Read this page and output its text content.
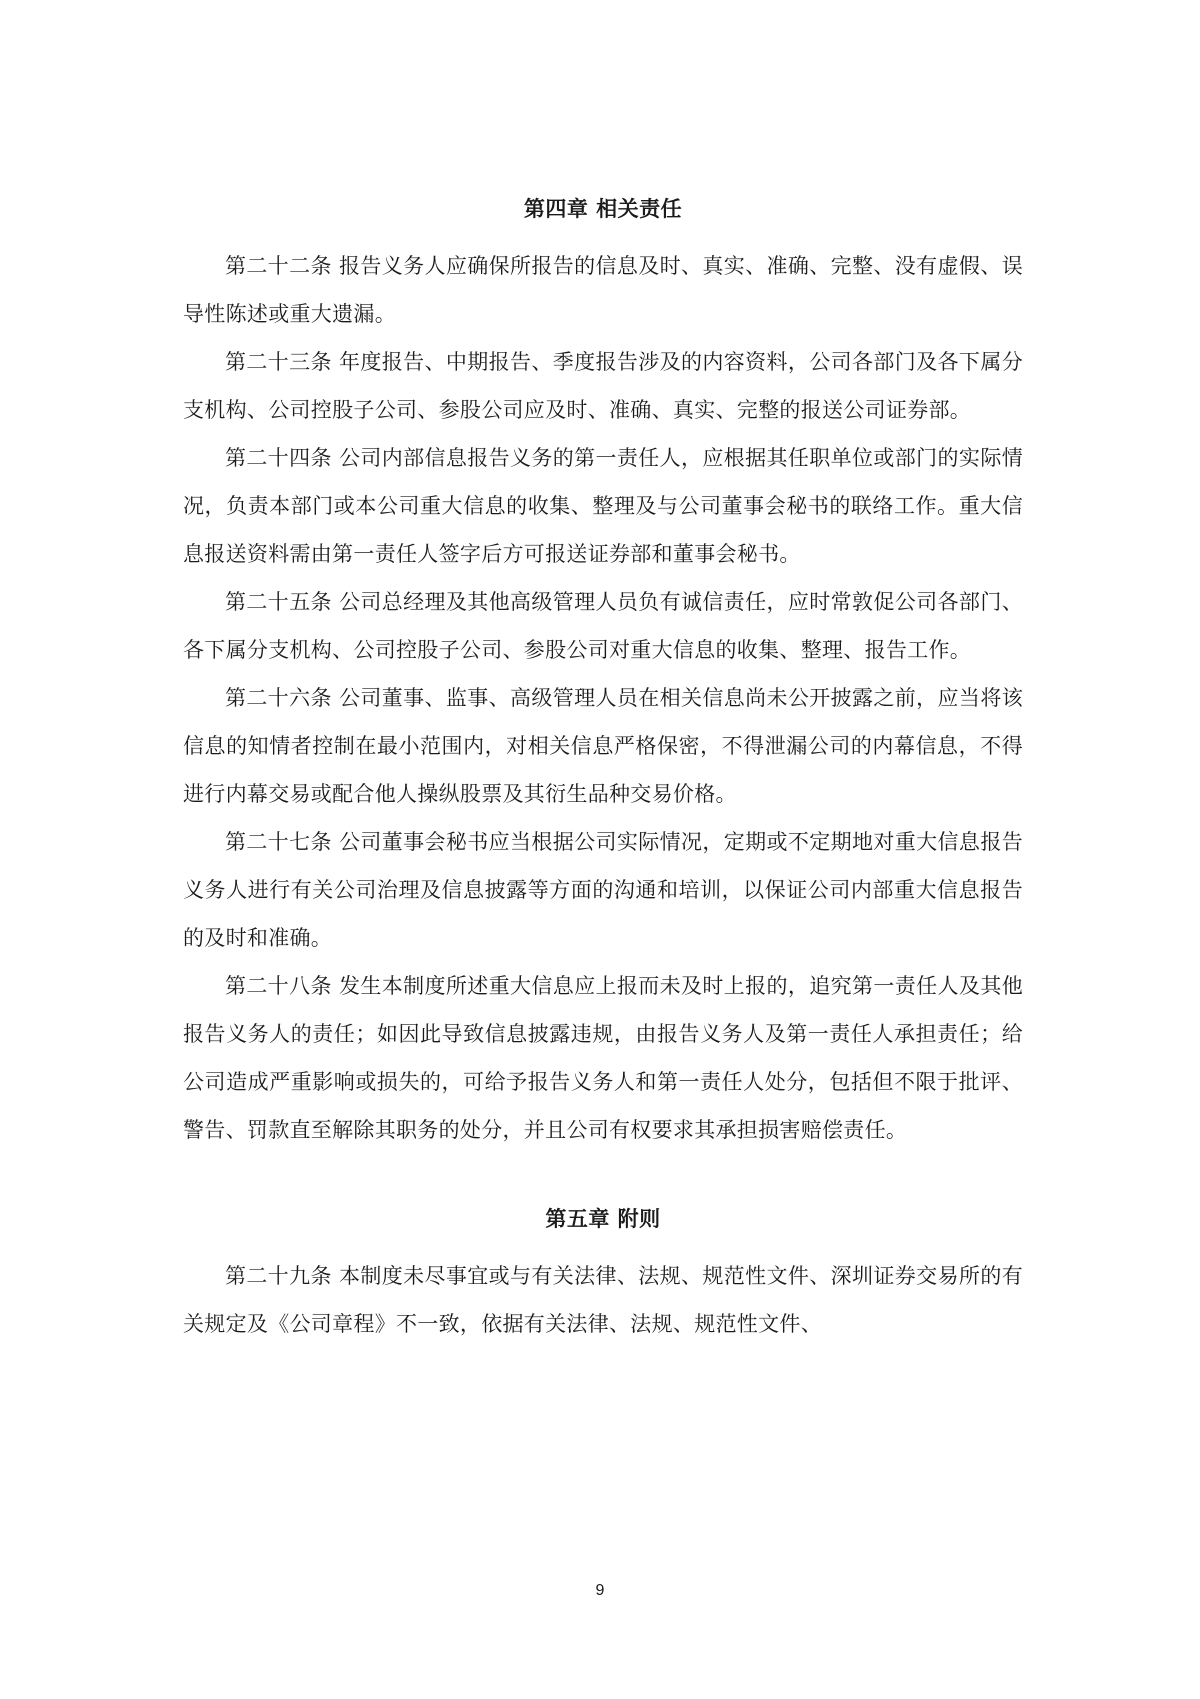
第四章 相关责任

第二十二条 报告义务人应确保所报告的信息及时、真实、准确、完整、没有虚假、误导性陈述或重大遗漏。

第二十三条 年度报告、中期报告、季度报告涉及的内容资料，公司各部门及各下属分支机构、公司控股子公司、参股公司应及时、准确、真实、完整的报送公司证券部。

第二十四条 公司内部信息报告义务的第一责任人，应根据其任职单位或部门的实际情况，负责本部门或本公司重大信息的收集、整理及与公司董事会秘书的联络工作。重大信息报送资料需由第一责任人签字后方可报送证券部和董事会秘书。

第二十五条 公司总经理及其他高级管理人员负有诚信责任，应时常敦促公司各部门、各下属分支机构、公司控股子公司、参股公司对重大信息的收集、整理、报告工作。

第二十六条 公司董事、监事、高级管理人员在相关信息尚未公开披露之前，应当将该信息的知情者控制在最小范围内，对相关信息严格保密，不得泄漏公司的内幕信息，不得进行内幕交易或配合他人操纵股票及其衍生品种交易价格。

第二十七条 公司董事会秘书应当根据公司实际情况，定期或不定期地对重大信息报告义务人进行有关公司治理及信息披露等方面的沟通和培训，以保证公司内部重大信息报告的及时和准确。

第二十八条 发生本制度所述重大信息应上报而未及时上报的，追究第一责任人及其他报告义务人的责任；如因此导致信息披露违规，由报告义务人及第一责任人承担责任；给公司造成严重影响或损失的，可给予报告义务人和第一责任人处分，包括但不限于批评、警告、罚款直至解除其职务的处分，并且公司有权要求其承担损害赔偿责任。

第五章 附则

第二十九条 本制度未尽事宜或与有关法律、法规、规范性文件、深圳证券交易所的有关规定及《公司章程》不一致，依据有关法律、法规、规范性文件、

9
